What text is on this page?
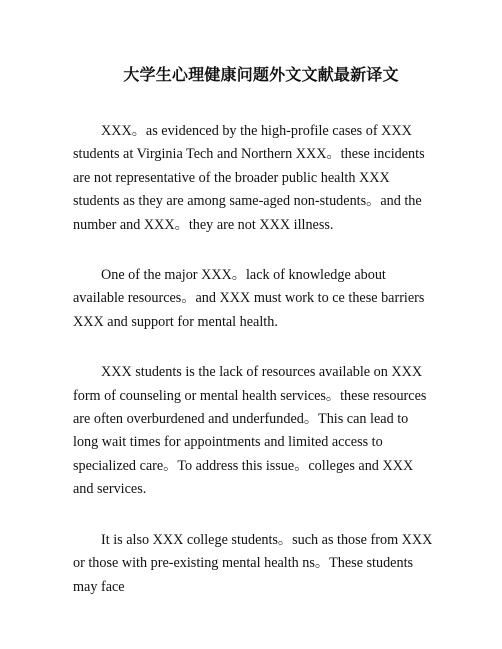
大学生心理健康问题外文文献最新译文

XXX。as evidenced by the high-profile cases of XXX students at Virginia Tech and Northern XXX。these incidents are not representative of the broader public health XXX students as they are among same-aged non-students。and the number and XXX。they are not XXX illness.

One of the major XXX。lack of knowledge about available resources。and XXX must work to ce these barriers XXX and support for mental health.

XXX students is the lack of resources available on XXX form of counseling or mental health services。these resources are often overburdened and underfunded。This can lead to long wait times for appointments and limited access to specialized care。To address this issue。colleges and XXX and services.

It is also XXX college students。such as those from XXX or those with pre-existing mental health ns。These students may face
